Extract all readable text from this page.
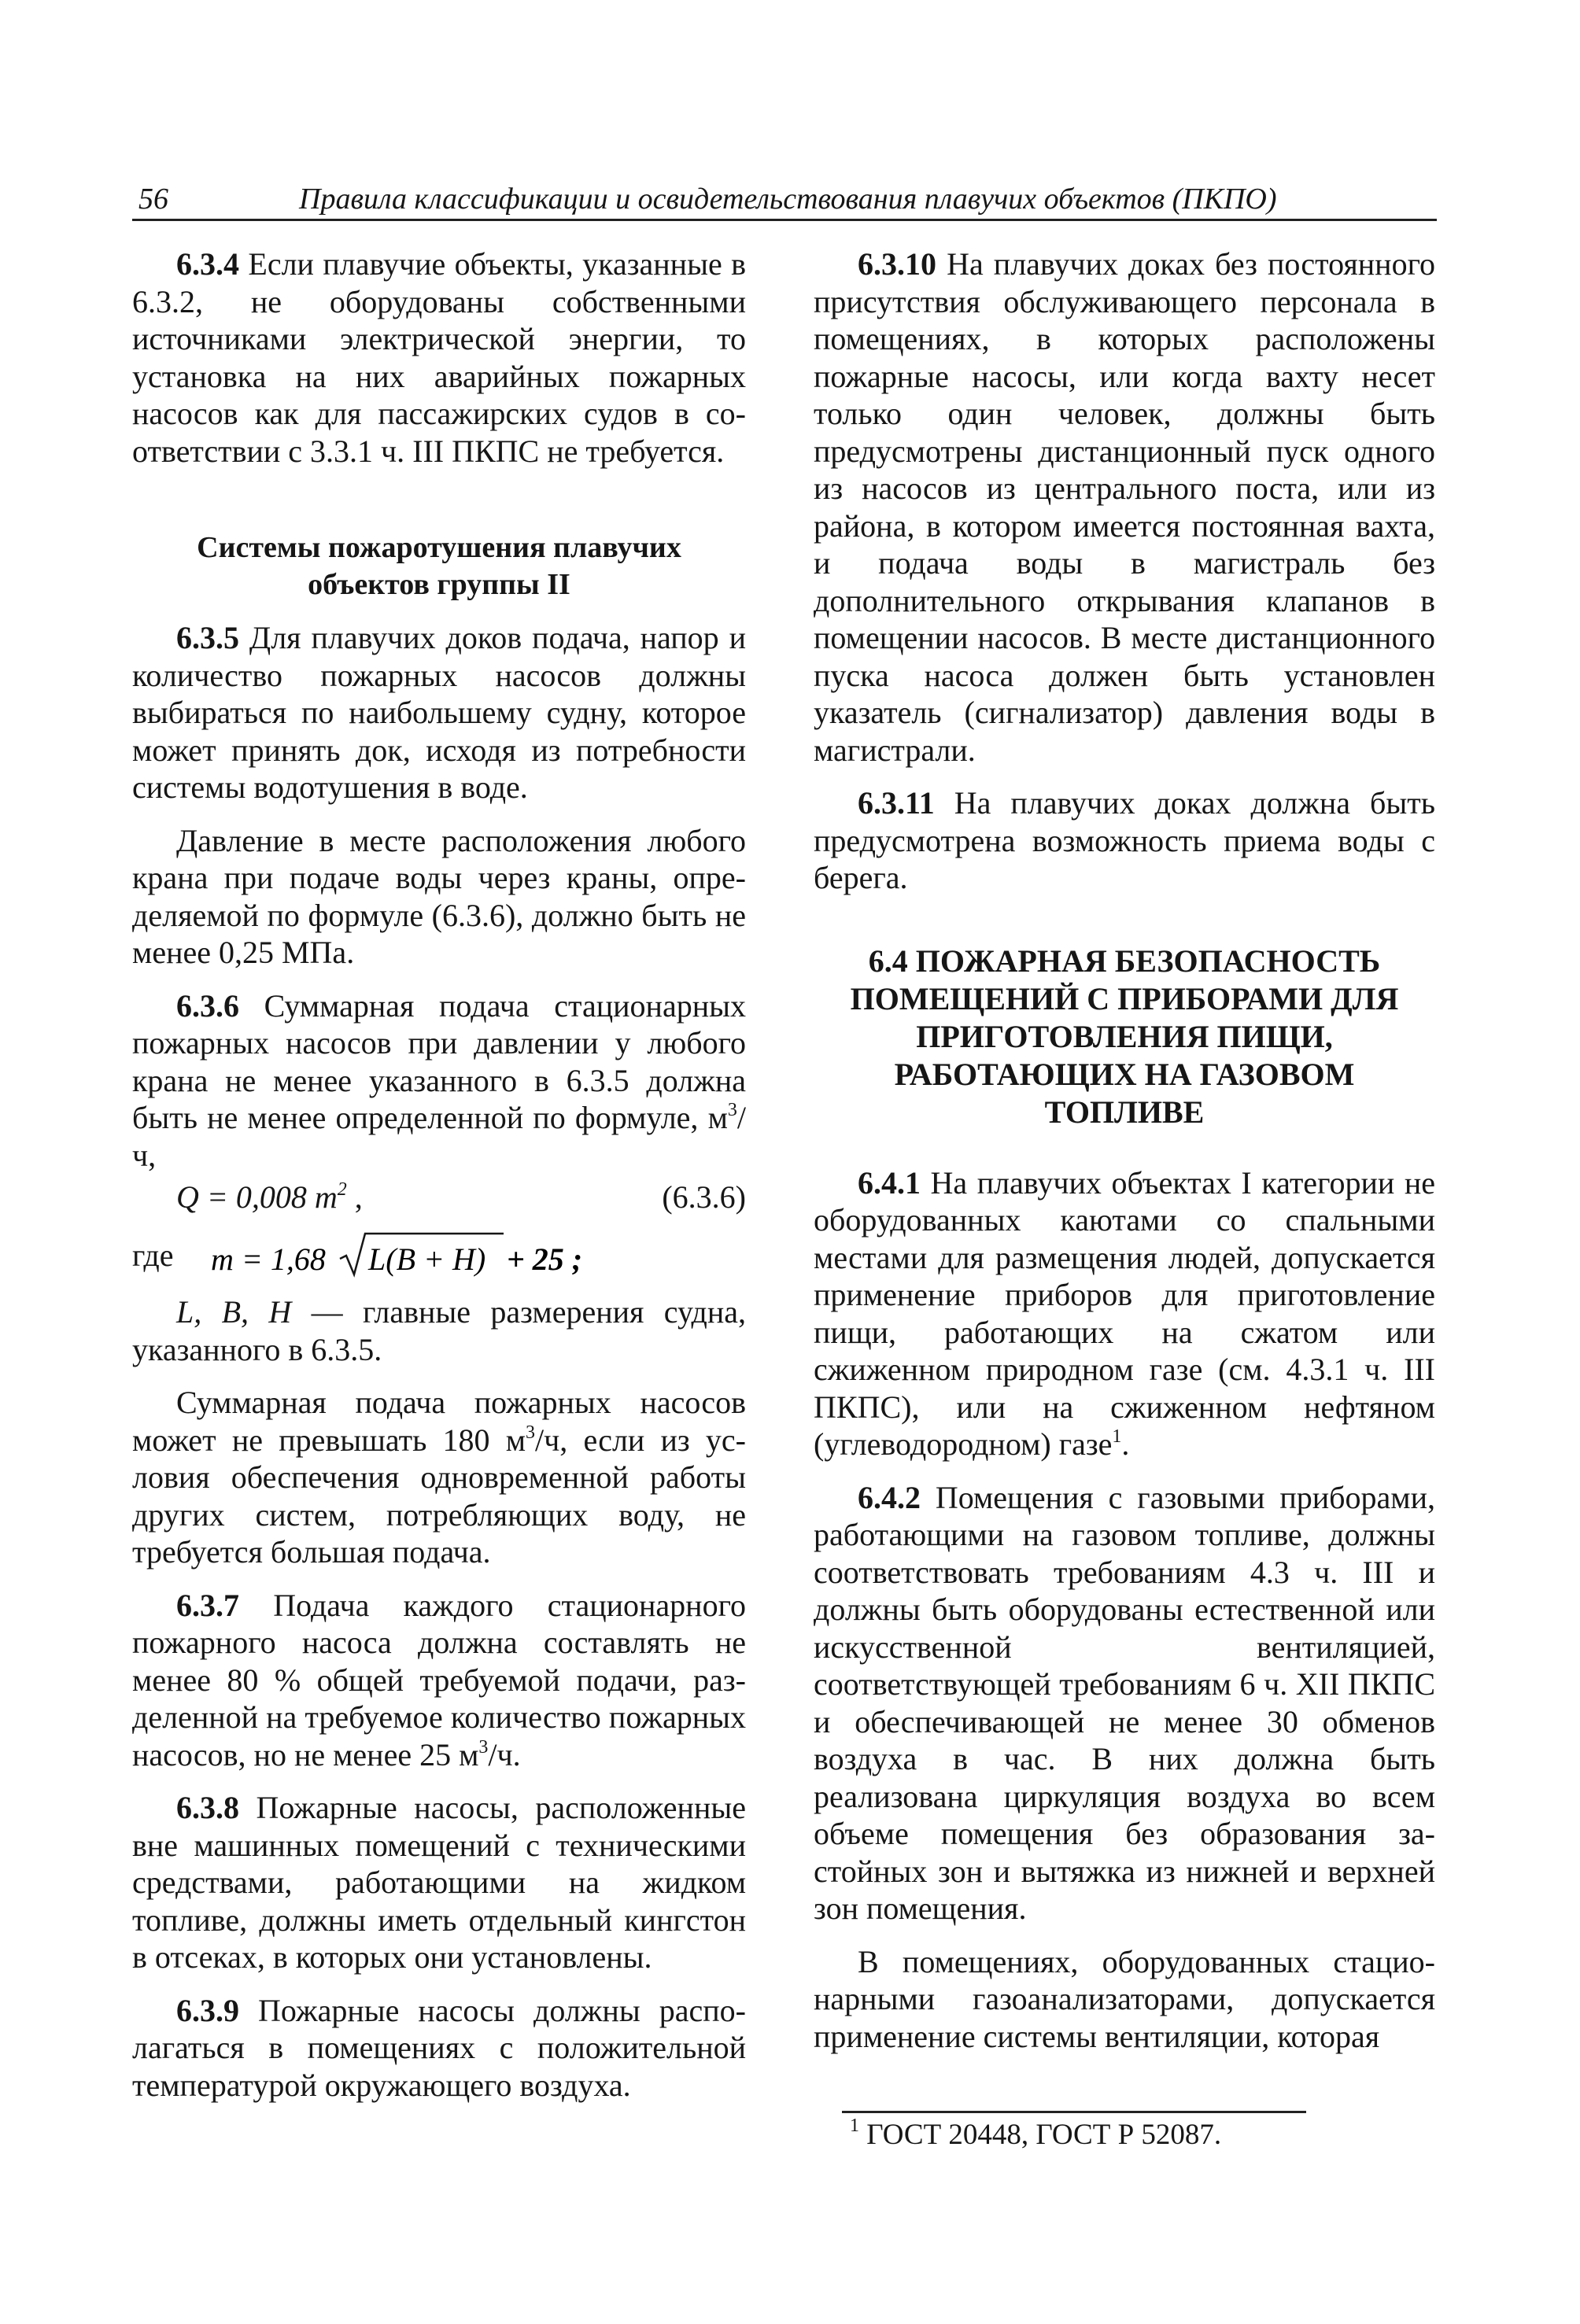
56	Правила классификации и освидетельствования плавучих объектов (ПКПО)

6.3.4 Если плавучие объекты, указанные в 6.3.2, не оборудованы собственными источниками электрической энергии, то установка на них аварийных пожарных насосов как для пассажирских судов в соответствии с 3.3.1 ч. III ПКПС не требуется.

Системы пожаротушения плавучих объектов группы II

6.3.5 Для плавучих доков подача, напор и количество пожарных насосов должны выбираться по наибольшему судну, которое может принять док, исходя из потребности системы водотушения в воде.

Давление в месте расположения любого крана при подаче воды через краны, определяемой по формуле (6.3.6), должно быть не менее 0,25 МПа.

6.3.6 Суммарная подача стационарных пожарных насосов при давлении у любого крана не менее указанного в 6.3.5 должна быть не менее определенной по формуле, $м^3/ч$,

Q = 0,008 $m^2$ ,	(6.3.6)
где m = 1,68 L(B + H) + 25 ;

L, B, H — главные размерения судна, указанного в 6.3.5.

Суммарная подача пожарных насосов может не превышать 180 $м^3/ч$, если из условия обеспечения одновременной работы других систем, потребляющих воду, не требуется большая подача.

6.3.7 Подача каждого стационарного пожарного насоса должна составлять не менее 80 % общей требуемой подачи, разделенной на требуемое количество пожарных насосов, но не менее 25 $м^3/ч$.

6.3.8 Пожарные насосы, расположенные вне машинных помещений с техническими средствами, работающими на жидком топливе, должны иметь отдельный кингстон в отсеках, в которых они установлены.

6.3.9 Пожарные насосы должны располагаться в помещениях с положительной температурой окружающего воздуха.

6.3.10 На плавучих доках без постоянного присутствия обслуживающего персонала в помещениях, в которых расположены пожарные насосы, или когда вахту несет только один человек, должны быть предусмотрены дистанционный пуск одного из насосов из центрального поста, или из района, в котором имеется постоянная вахта, и подача воды в магистраль без дополнительного открывания клапанов в помещении насосов. В месте дистанционного пуска насоса должен быть установлен указатель (сигнализатор) давления воды в магистрали.

6.3.11 На плавучих доках должна быть предусмотрена возможность приема воды с берега.

6.4 ПОЖАРНАЯ БЕЗОПАСНОСТЬ ПОМЕЩЕНИЙ С ПРИБОРАМИ ДЛЯ ПРИГОТОВЛЕНИЯ ПИЩИ, РАБОТАЮЩИХ НА ГАЗОВОМ ТОПЛИВЕ

6.4.1 На плавучих объектах I категории не оборудованных каютами со спальными местами для размещения людей, допускается применение приборов для приготовление пищи, работающих на сжатом или сжиженном природном газе (см. 4.3.1 ч. III ПКПС), или на сжиженном нефтяном (углеводородном) газе$^1$.

6.4.2 Помещения с газовыми приборами, работающими на газовом топливе, должны соответствовать требованиям 4.3 ч. III и должны быть оборудованы естественной или искусственной вентиляцией, соответствующей требованиям 6 ч. XII ПКПС и обеспечивающей не менее 30 обменов воздуха в час. В них должна быть реализована циркуляция воздуха во всем объеме помещения без образования застойных зон и вытяжка из нижней и верхней зон помещения.

В помещениях, оборудованных стационарными газоанализаторами, допускается применение системы вентиляции, которая

$^1$ ГОСТ 20448, ГОСТ Р 52087.
